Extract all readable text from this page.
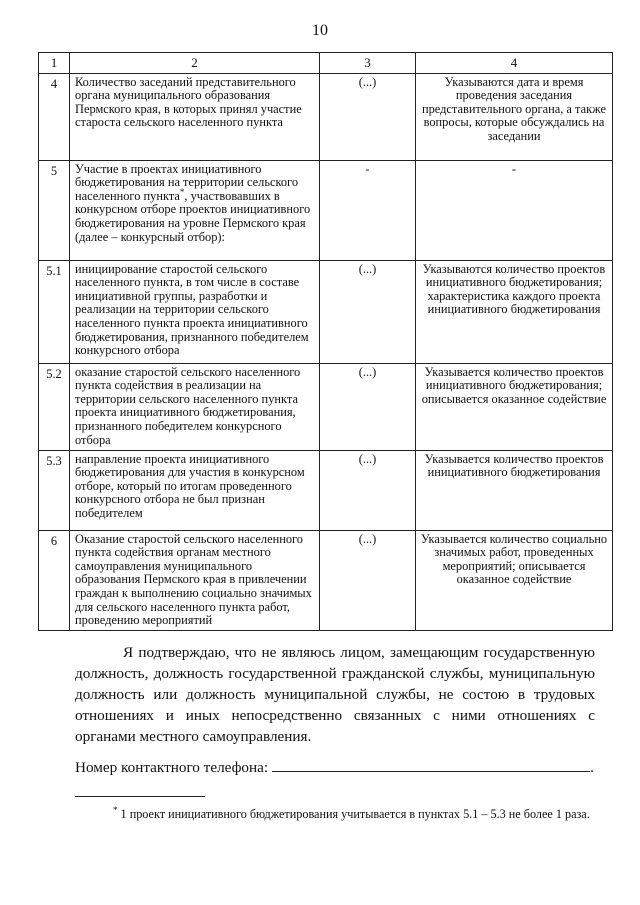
10
1	2	3	4
4	Количество заседаний представительного органа муниципального образования Пермского края, в которых принял участие староста сельского населенного пункта	(...)	Указываются дата и время проведения заседания представительного органа, а также вопросы, которые обсуждались на заседании
5	Участие в проектах инициативного бюджетирования на территории сельского населенного пункта*, участвовавших в конкурсном отборе проектов инициативного бюджетирования на уровне Пермского края (далее – конкурсный отбор):	-	-
5.1	инициирование старостой сельского населенного пункта, в том числе в составе инициативной группы, разработки и реализации на территории сельского населенного пункта проекта инициативного бюджетирования, признанного победителем конкурсного отбора	(...)	Указываются количество проектов инициативного бюджетирования; характеристика каждого проекта инициативного бюджетирования
5.2	оказание старостой сельского населенного пункта содействия в реализации на территории сельского населенного пункта проекта инициативного бюджетирования, признанного победителем конкурсного отбора	(...)	Указывается количество проектов инициативного бюджетирования; описывается оказанное содействие
5.3	направление проекта инициативного бюджетирования для участия в конкурсном отборе, который по итогам проведенного конкурсного отбора не был признан победителем	(...)	Указывается количество проектов инициативного бюджетирования
6	Оказание старостой сельского населенного пункта содействия органам местного самоуправления муниципального образования Пермского края в привлечении граждан к выполнению социально значимых для сельского населенного пункта работ, проведению мероприятий	(...)	Указывается количество социально значимых работ, проведенных мероприятий; описывается оказанное содействие

Я подтверждаю, что не являюсь лицом, замещающим государственную должность, должность государственной гражданской службы, муниципальную должность или должность муниципальной службы, не состою в трудовых отношениях и иных непосредственно связанных с ними отношениях с органами местного самоуправления.

Номер контактного телефона:	.

* 1 проект инициативного бюджетирования учитывается в пунктах 5.1 – 5.3 не более 1 раза.
